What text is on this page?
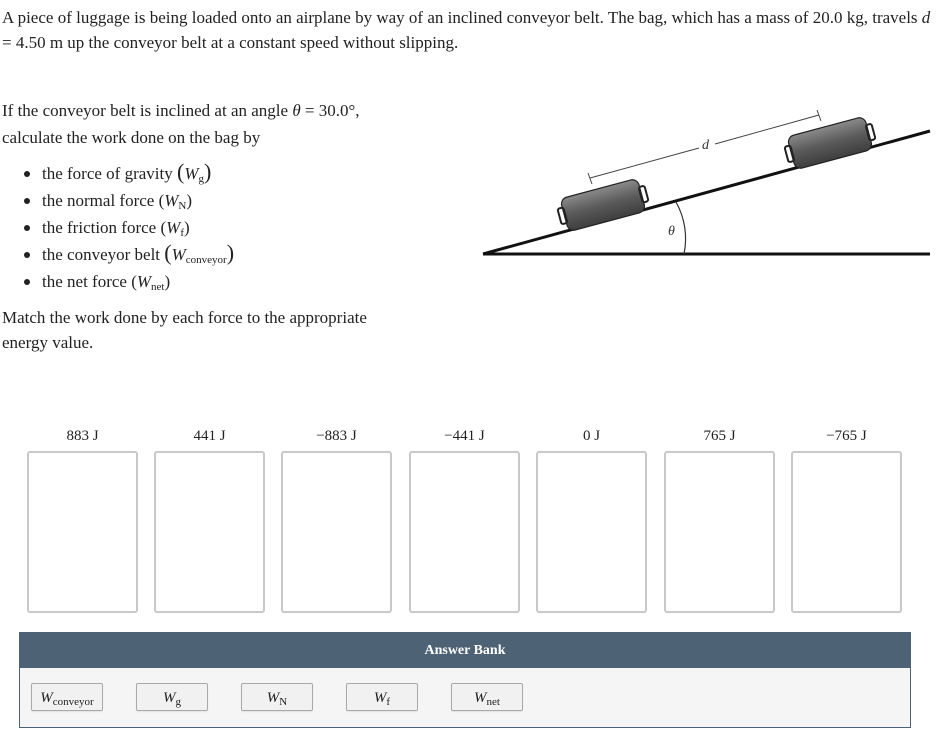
A piece of luggage is being loaded onto an airplane by way of an inclined conveyor belt. The bag, which has a mass of 20.0 kg, travels d = 4.50 m up the conveyor belt at a constant speed without slipping.

If the conveyor belt is inclined at an angle θ = 30.0°,
calculate the work done on the bag by

the force of gravity $(W_g)$
the normal force $(W_N)$
the friction force $(W_f)$
the conveyor belt $(W_{conveyor})$
the net force $(W_{net})$

Match the work done by each force to the appropriate energy value.

θ
d
883 J	441 J	−883 J	−441 J	0 J	765 J	−765 J
Answer Bank
$W_{conveyor}$	$W_g$	$W_N$	$W_f$	$W_{net}$
